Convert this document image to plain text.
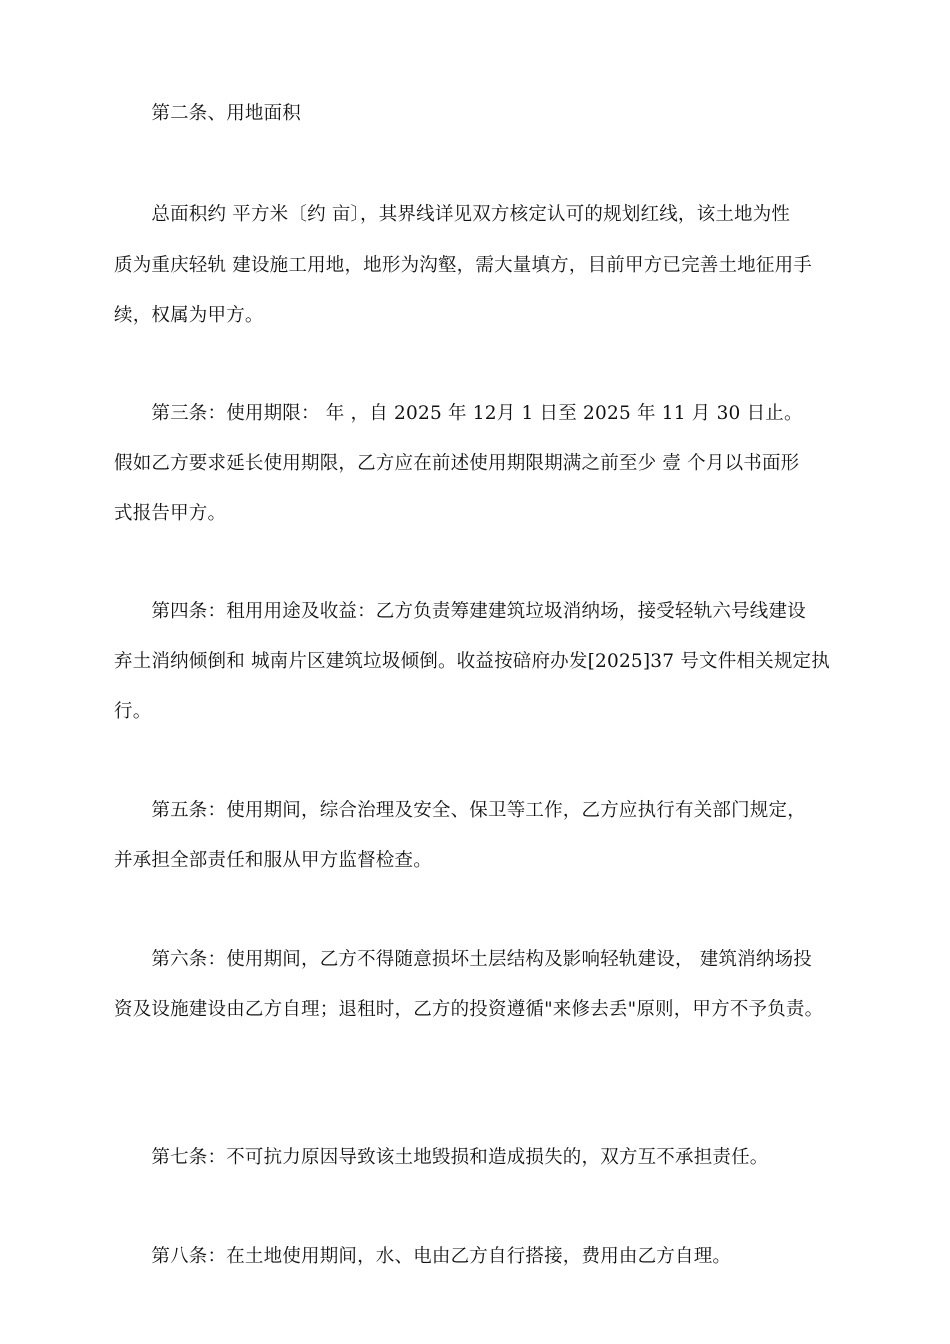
　　第二条、用地面积
　　总面积约 平方米〔约 亩〕，其界线详见双方核定认可的规划红线，该土地为性
质为重庆轻轨 建设施工用地，地形为沟壑，需大量填方，目前甲方已完善土地征用手
续，权属为甲方。
　　第三条：使用期限： 年 ，自 2025 年 12月 1 日至 2025 年 11 月 30 日止。
假如乙方要求延长使用期限，乙方应在前述使用期限期满之前至少 壹 个月以书面形
式报告甲方。
　　第四条：租用用途及收益：乙方负责筹建建筑垃圾消纳场，接受轻轨六号线建设
弃土消纳倾倒和 城南片区建筑垃圾倾倒。收益按碚府办发[2025]37 号文件相关规定执
行。
　　第五条：使用期间，综合治理及安全、保卫等工作，乙方应执行有关部门规定，
并承担全部责任和服从甲方监督检查。
　　第六条：使用期间，乙方不得随意损坏土层结构及影响轻轨建设， 建筑消纳场投
资及设施建设由乙方自理；退租时，乙方的投资遵循"来修去丢"原则，甲方不予负责。
　　第七条：不可抗力原因导致该土地毁损和造成损失的，双方互不承担责任。
　　第八条：在土地使用期间，水、电由乙方自行搭接，费用由乙方自理。
